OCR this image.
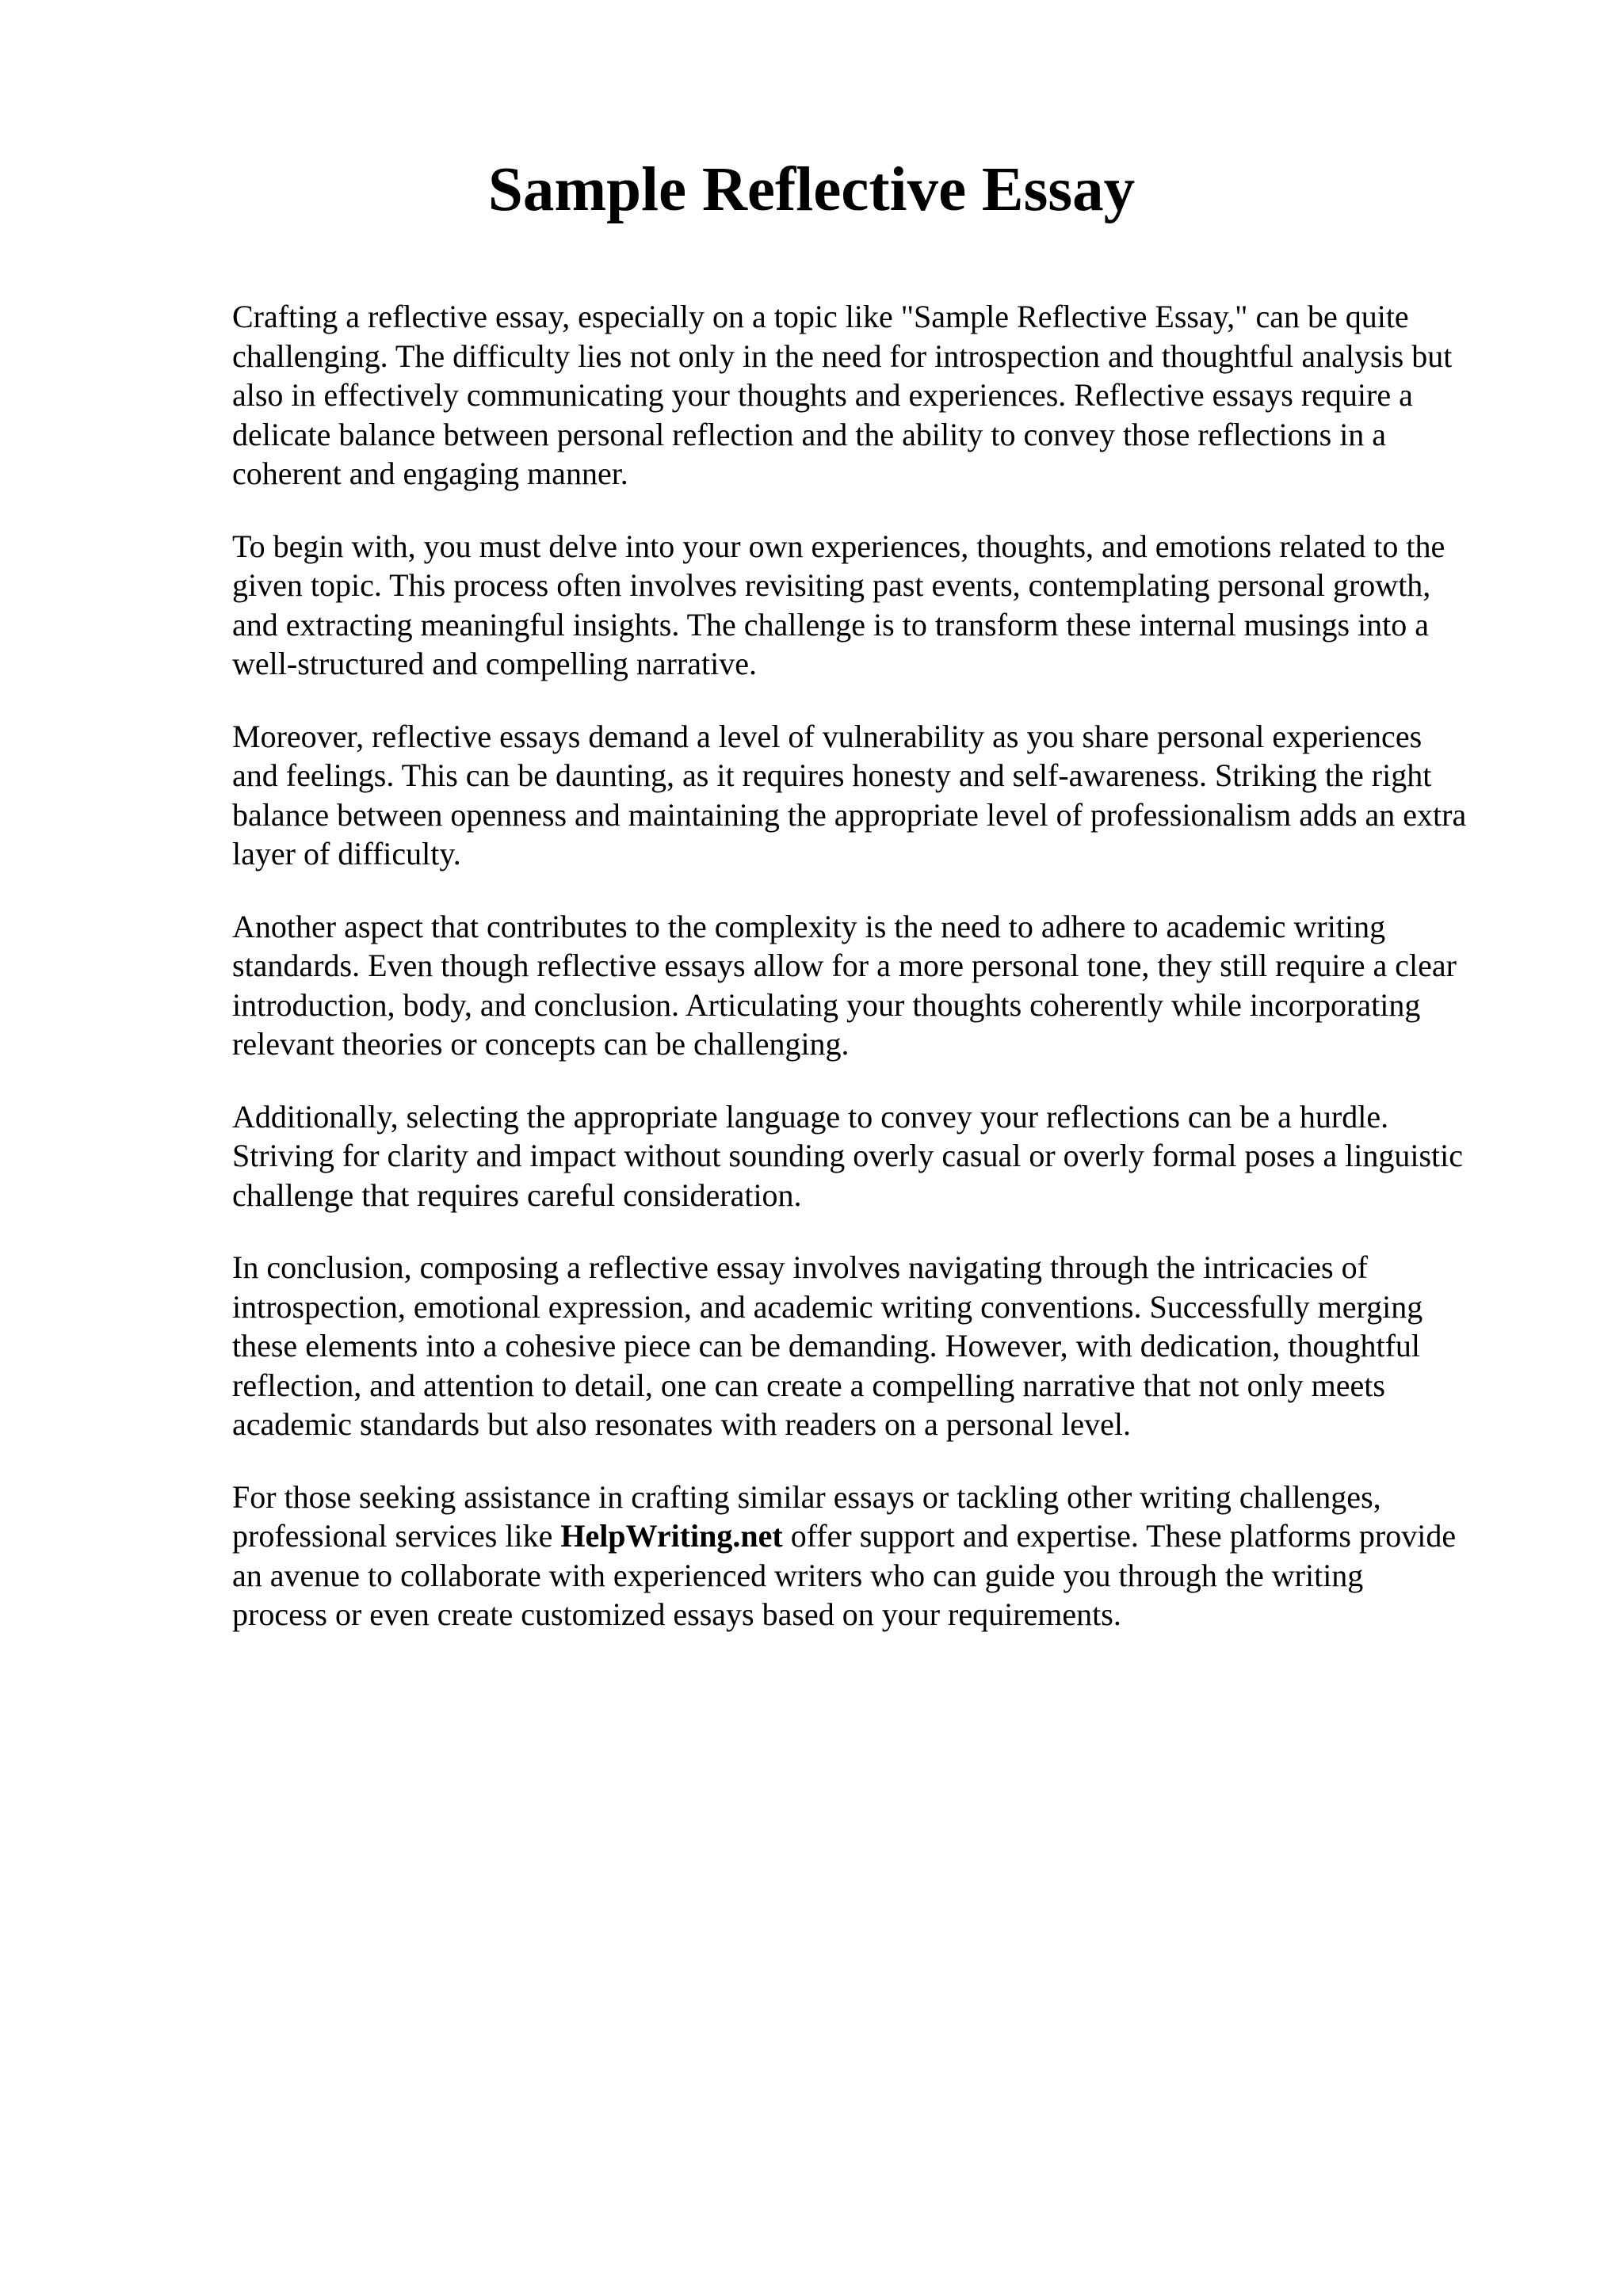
Sample Reflective Essay

Crafting a reflective essay, especially on a topic like "Sample Reflective Essay," can be quite
challenging. The difficulty lies not only in the need for introspection and thoughtful analysis but
also in effectively communicating your thoughts and experiences. Reflective essays require a
delicate balance between personal reflection and the ability to convey those reflections in a
coherent and engaging manner.

To begin with, you must delve into your own experiences, thoughts, and emotions related to the
given topic. This process often involves revisiting past events, contemplating personal growth,
and extracting meaningful insights. The challenge is to transform these internal musings into a
well-structured and compelling narrative.

Moreover, reflective essays demand a level of vulnerability as you share personal experiences
and feelings. This can be daunting, as it requires honesty and self-awareness. Striking the right
balance between openness and maintaining the appropriate level of professionalism adds an extra
layer of difficulty.

Another aspect that contributes to the complexity is the need to adhere to academic writing
standards. Even though reflective essays allow for a more personal tone, they still require a clear
introduction, body, and conclusion. Articulating your thoughts coherently while incorporating
relevant theories or concepts can be challenging.

Additionally, selecting the appropriate language to convey your reflections can be a hurdle.
Striving for clarity and impact without sounding overly casual or overly formal poses a linguistic
challenge that requires careful consideration.

In conclusion, composing a reflective essay involves navigating through the intricacies of
introspection, emotional expression, and academic writing conventions. Successfully merging
these elements into a cohesive piece can be demanding. However, with dedication, thoughtful
reflection, and attention to detail, one can create a compelling narrative that not only meets
academic standards but also resonates with readers on a personal level.

For those seeking assistance in crafting similar essays or tackling other writing challenges,
professional services like HelpWriting.net offer support and expertise. These platforms provide
an avenue to collaborate with experienced writers who can guide you through the writing
process or even create customized essays based on your requirements.
